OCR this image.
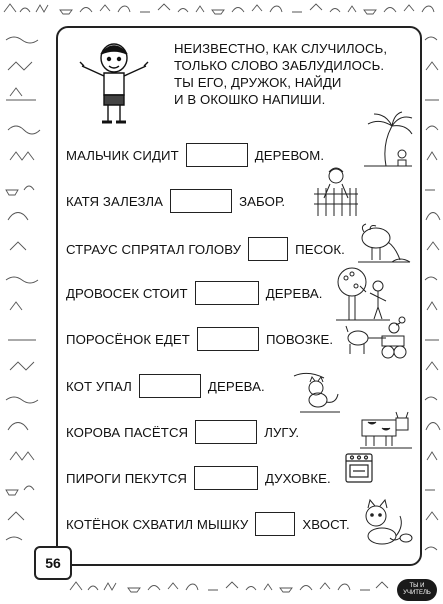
НЕИЗВЕСТНО, КАК СЛУЧИЛОСЬ,
ТОЛЬКО СЛОВО ЗАБЛУДИЛОСЬ.
ТЫ ЕГО, ДРУЖОК, НАЙДИ
И В ОКОШКО НАПИШИ.
МАЛЬЧИК СИДИТ	ДЕРЕВОМ.
КАТЯ ЗАЛЕЗЛА	ЗАБОР.
СТРАУС СПРЯТАЛ ГОЛОВУ	ПЕСОК.
ДРОВОСЕК СТОИТ	ДЕРЕВА.
ПОРОСЁНОК ЕДЕТ	ПОВОЗКЕ.
КОТ УПАЛ	ДЕРЕВА.
КОРОВА ПАСЁТСЯ	ЛУГУ.
ПИРОГИ ПЕКУТСЯ	ДУХОВКЕ.
КОТЁНОК СХВАТИЛ МЫШКУ	ХВОСТ.
56
ТЫ И УЧИТЕЛЬ
